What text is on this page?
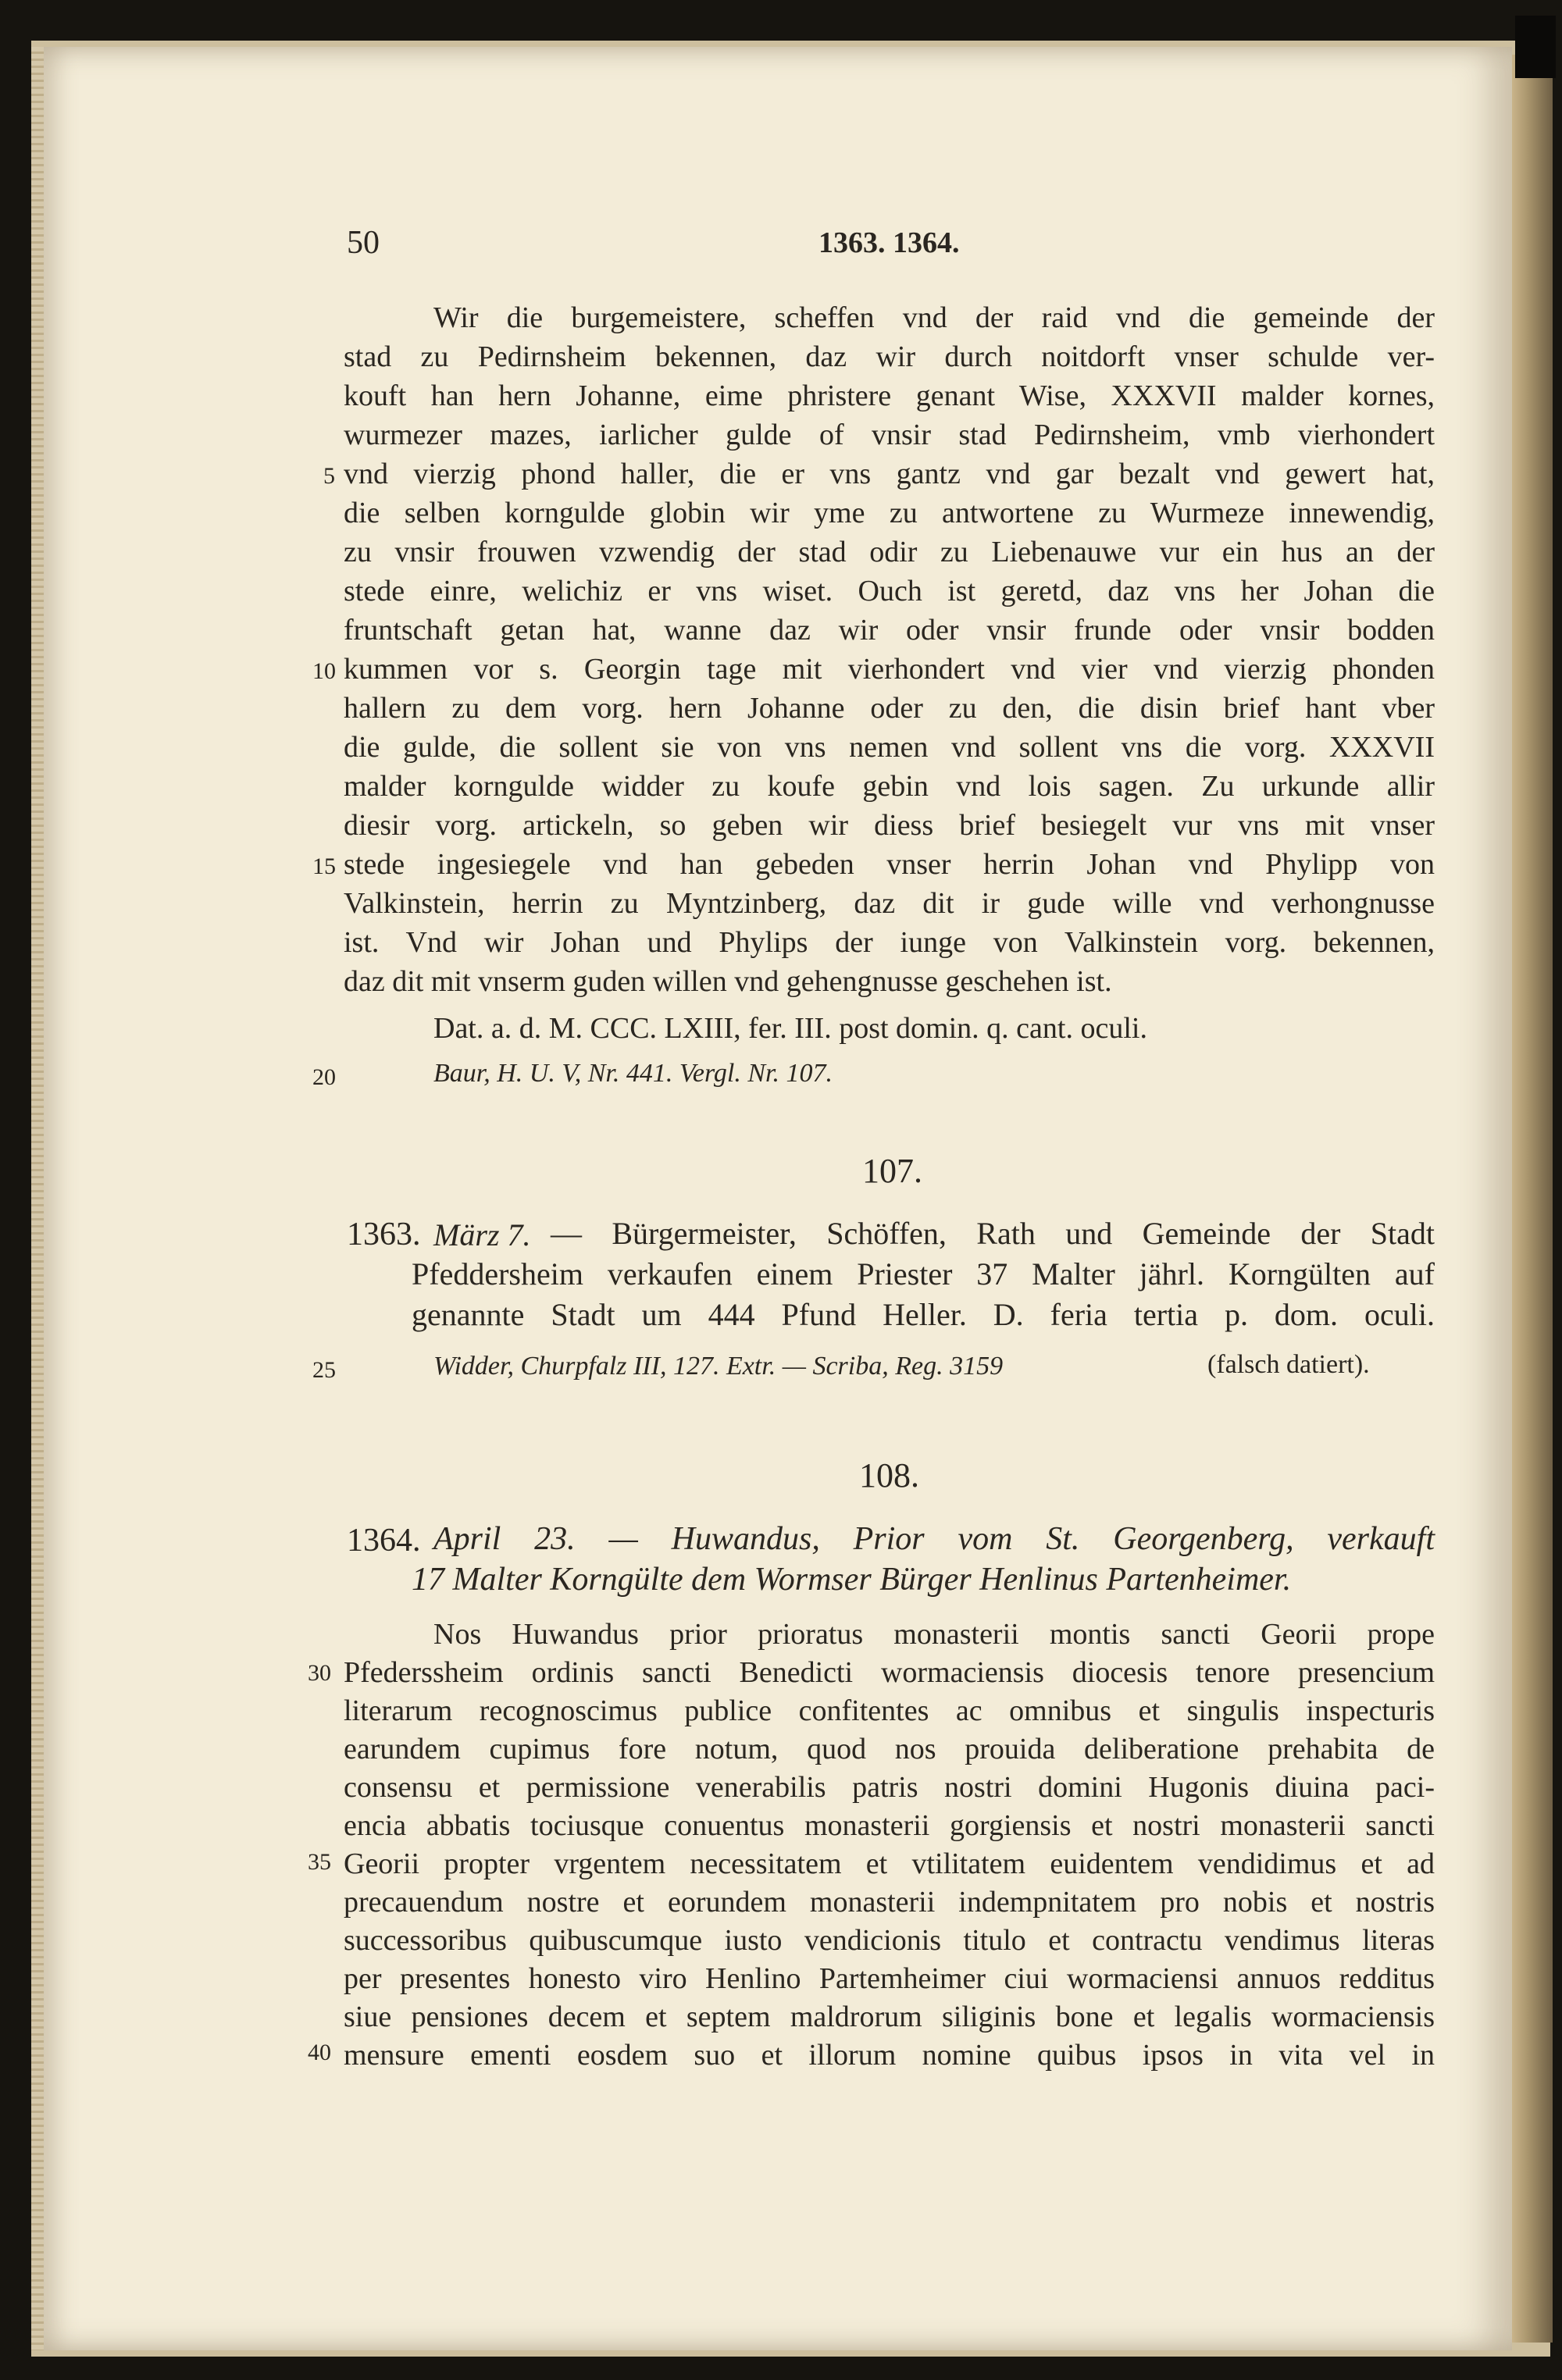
50	1363. 1364.
Wir die burgemeistere, scheffen vnd der raid vnd die gemeinde der
stad zu Pedirnsheim bekennen, daz wir durch noitdorft vnser schulde ver-
kouft han hern Johanne, eime phristere genant Wise, XXXVII malder kornes,
wurmezer mazes, iarlicher gulde of vnsir stad Pedirnsheim, vmb vierhondert
vnd vierzig phond haller, die er vns gantz vnd gar bezalt vnd gewert hat,
die selben korngulde globin wir yme zu antwortene zu Wurmeze innewendig,
zu vnsir frouwen vzwendig der stad odir zu Liebenauwe vur ein hus an der
stede einre, welichiz er vns wiset. Ouch ist geretd, daz vns her Johan die
fruntschaft getan hat, wanne daz wir oder vnsir frunde oder vnsir bodden
kummen vor s. Georgin tage mit vierhondert vnd vier vnd vierzig phonden
hallern zu dem vorg. hern Johanne oder zu den, die disin brief hant vber
die gulde, die sollent sie von vns nemen vnd sollent vns die vorg. XXXVII
malder korngulde widder zu koufe gebin vnd lois sagen. Zu urkunde allir
diesir vorg. artickeln, so geben wir diess brief besiegelt vur vns mit vnser
stede ingesiegele vnd han gebeden vnser herrin Johan vnd Phylipp von
Valkinstein, herrin zu Myntzinberg, daz dit ir gude wille vnd verhongnusse
ist. Vnd wir Johan und Phylips der iunge von Valkinstein vorg. bekennen,
daz dit mit vnserm guden willen vnd gehengnusse geschehen ist.
Dat. a. d. M. CCC. LXIII, fer. III. post domin. q. cant. oculi.
Baur, H. U. V, Nr. 441. Vergl. Nr. 107.
5
10
15
20
25
30
35
40
107.
1363. März 7. — Bürgermeister, Schöffen, Rath und Gemeinde der Stadt
Pfeddersheim verkaufen einem Priester 37 Malter jährl. Korngülten auf
genannte Stadt um 444 Pfund Heller. D. feria tertia p. dom. oculi.
Widder, Churpfalz III, 127. Extr. — Scriba, Reg. 3159	(falsch datiert).
108.
1364. April 23. — Huwandus, Prior vom St. Georgenberg, verkauft
17 Malter Korngülte dem Wormser Bürger Henlinus Partenheimer.
Nos Huwandus prior prioratus monasterii montis sancti Georii prope
Pfederssheim ordinis sancti Benedicti wormaciensis diocesis tenore presencium
literarum recognoscimus publice confitentes ac omnibus et singulis inspecturis
earundem cupimus fore notum, quod nos prouida deliberatione prehabita de
consensu et permissione venerabilis patris nostri domini Hugonis diuina paci-
encia abbatis tociusque conuentus monasterii gorgiensis et nostri monasterii sancti
Georii propter vrgentem necessitatem et vtilitatem euidentem vendidimus et ad
precauendum nostre et eorundem monasterii indempnitatem pro nobis et nostris
successoribus quibuscumque iusto vendicionis titulo et contractu vendimus literas
per presentes honesto viro Henlino Partemheimer ciui wormaciensi annuos redditus
siue pensiones decem et septem maldrorum siliginis bone et legalis wormaciensis
mensure ementi eosdem suo et illorum nomine quibus ipsos in vita vel in
